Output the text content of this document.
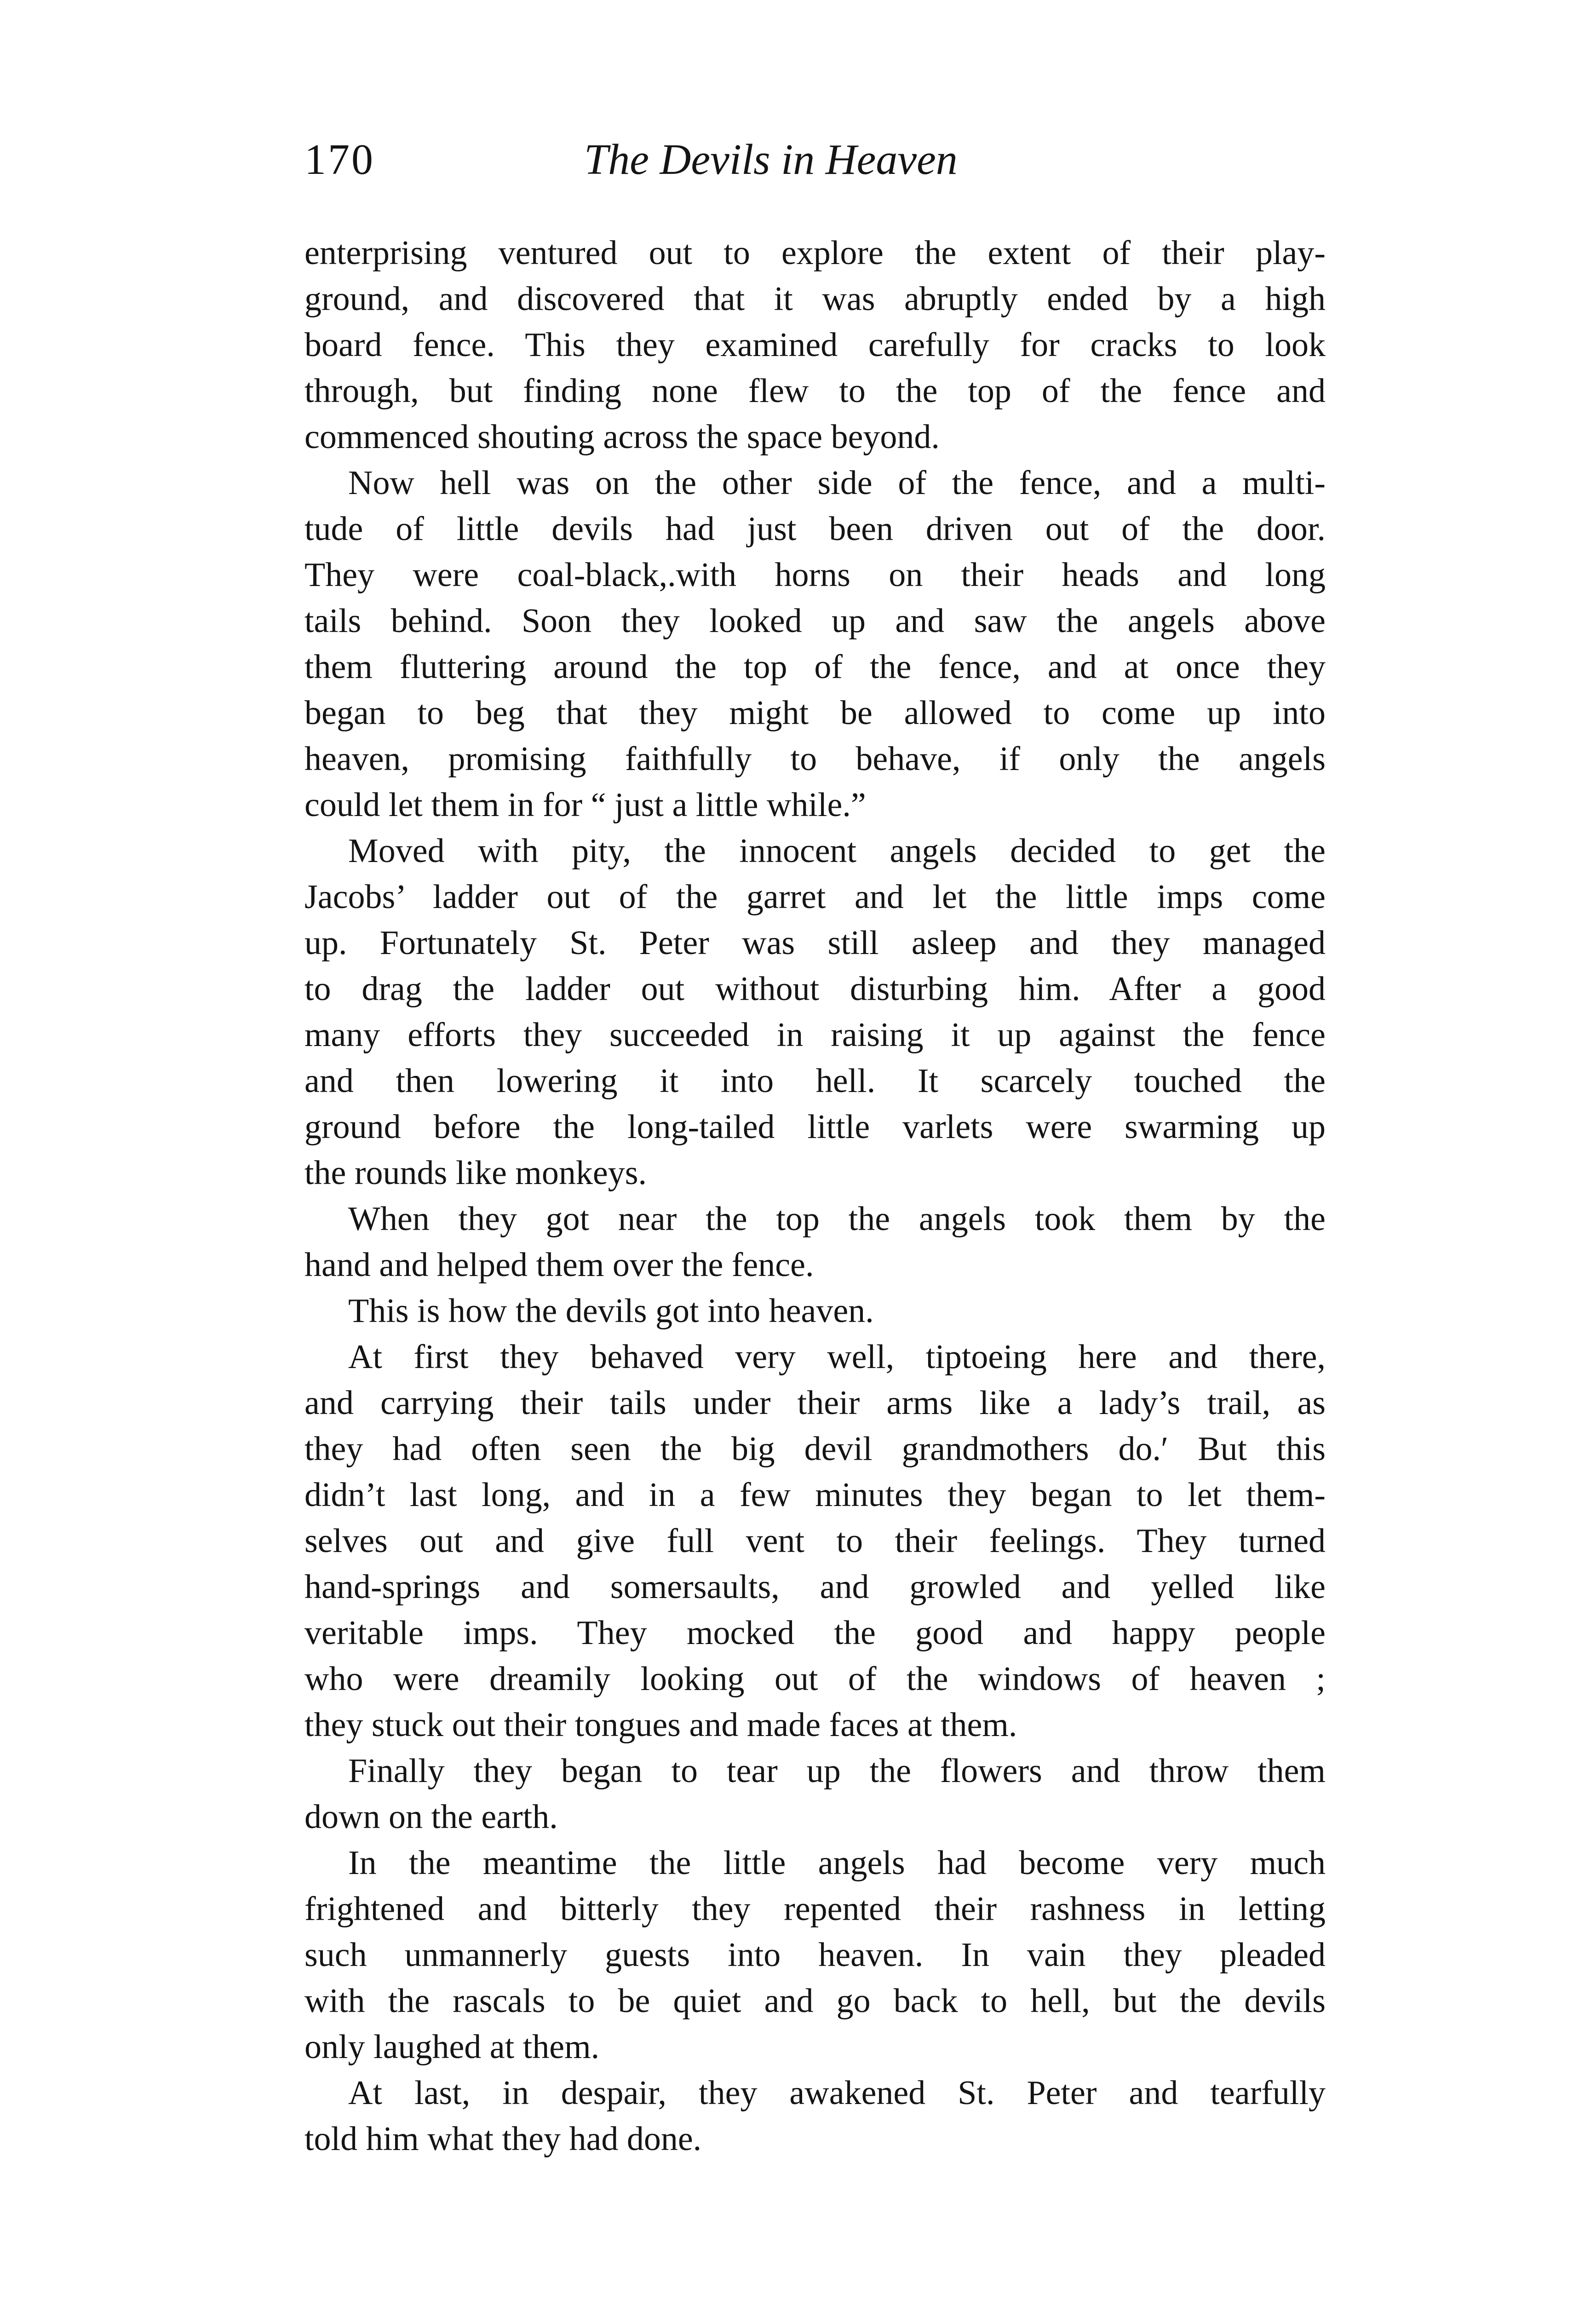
170	The Devils in Heaven
enterprising ventured out to explore the extent of their play-
ground, and discovered that it was abruptly ended by a high
board fence. This they examined carefully for cracks to look
through, but finding none flew to the top of the fence and
commenced shouting across the space beyond.
Now hell was on the other side of the fence, and a multi-
tude of little devils had just been driven out of the door.
They were coal-black,.with horns on their heads and long
tails behind. Soon they looked up and saw the angels above
them fluttering around the top of the fence, and at once they
began to beg that they might be allowed to come up into
heaven, promising faithfully to behave, if only the angels
could let them in for “ just a little while.”
Moved with pity, the innocent angels decided to get the
Jacobs’ ladder out of the garret and let the little imps come
up. Fortunately St. Peter was still asleep and they managed
to drag the ladder out without disturbing him. After a good
many efforts they succeeded in raising it up against the fence
and then lowering it into hell. It scarcely touched the
ground before the long-tailed little varlets were swarming up
the rounds like monkeys.
When they got near the top the angels took them by the
hand and helped them over the fence.
This is how the devils got into heaven.
At first they behaved very well, tiptoeing here and there,
and carrying their tails under their arms like a lady’s trail, as
they had often seen the big devil grandmothers do.′ But this
didn’t last long, and in a few minutes they began to let them-
selves out and give full vent to their feelings. They turned
hand-springs and somersaults, and growled and yelled like
veritable imps. They mocked the good and happy people
who were dreamily looking out of the windows of heaven ;
they stuck out their tongues and made faces at them.
Finally they began to tear up the flowers and throw them
down on the earth.
In the meantime the little angels had become very much
frightened and bitterly they repented their rashness in letting
such unmannerly guests into heaven. In vain they pleaded
with the rascals to be quiet and go back to hell, but the devils
only laughed at them.
At last, in despair, they awakened St. Peter and tearfully
told him what they had done.
